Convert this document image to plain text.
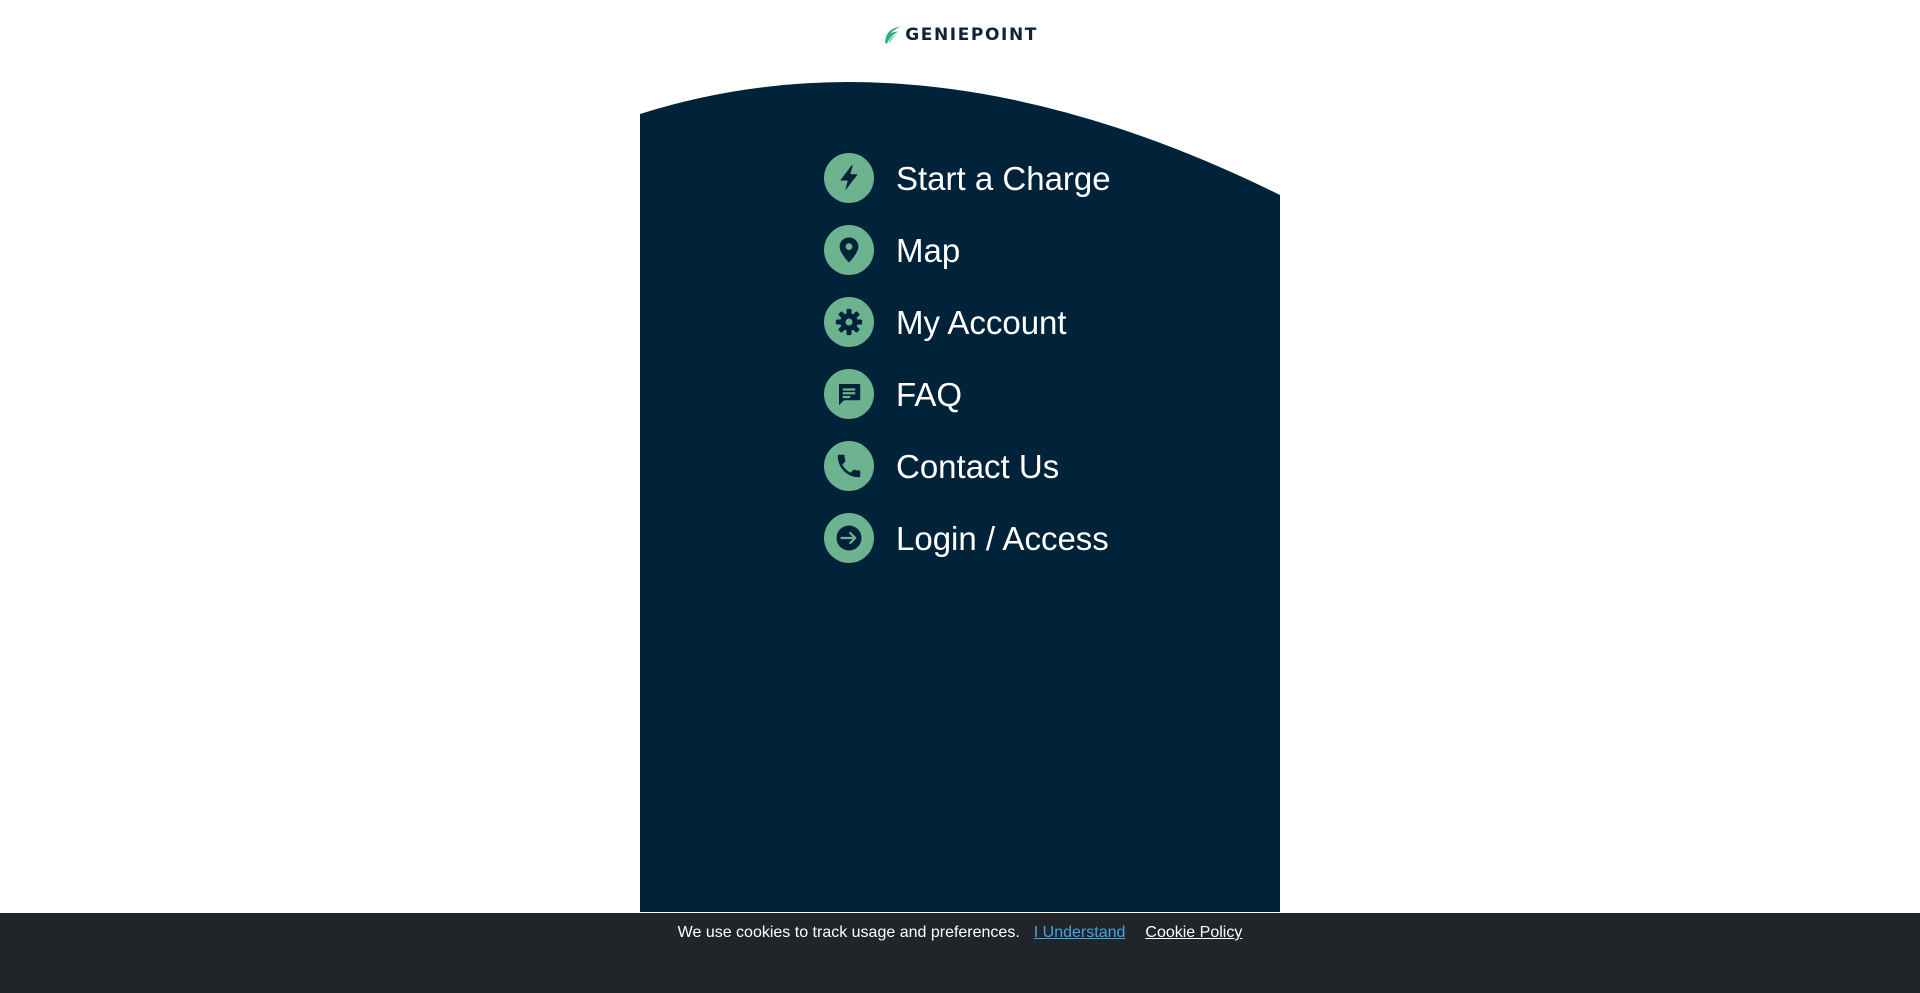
GENIEPOINT
Start a Charge
Map
My Account
FAQ
Contact Us
Login / Access
We use cookies to track usage and preferences. I Understand Cookie Policy
